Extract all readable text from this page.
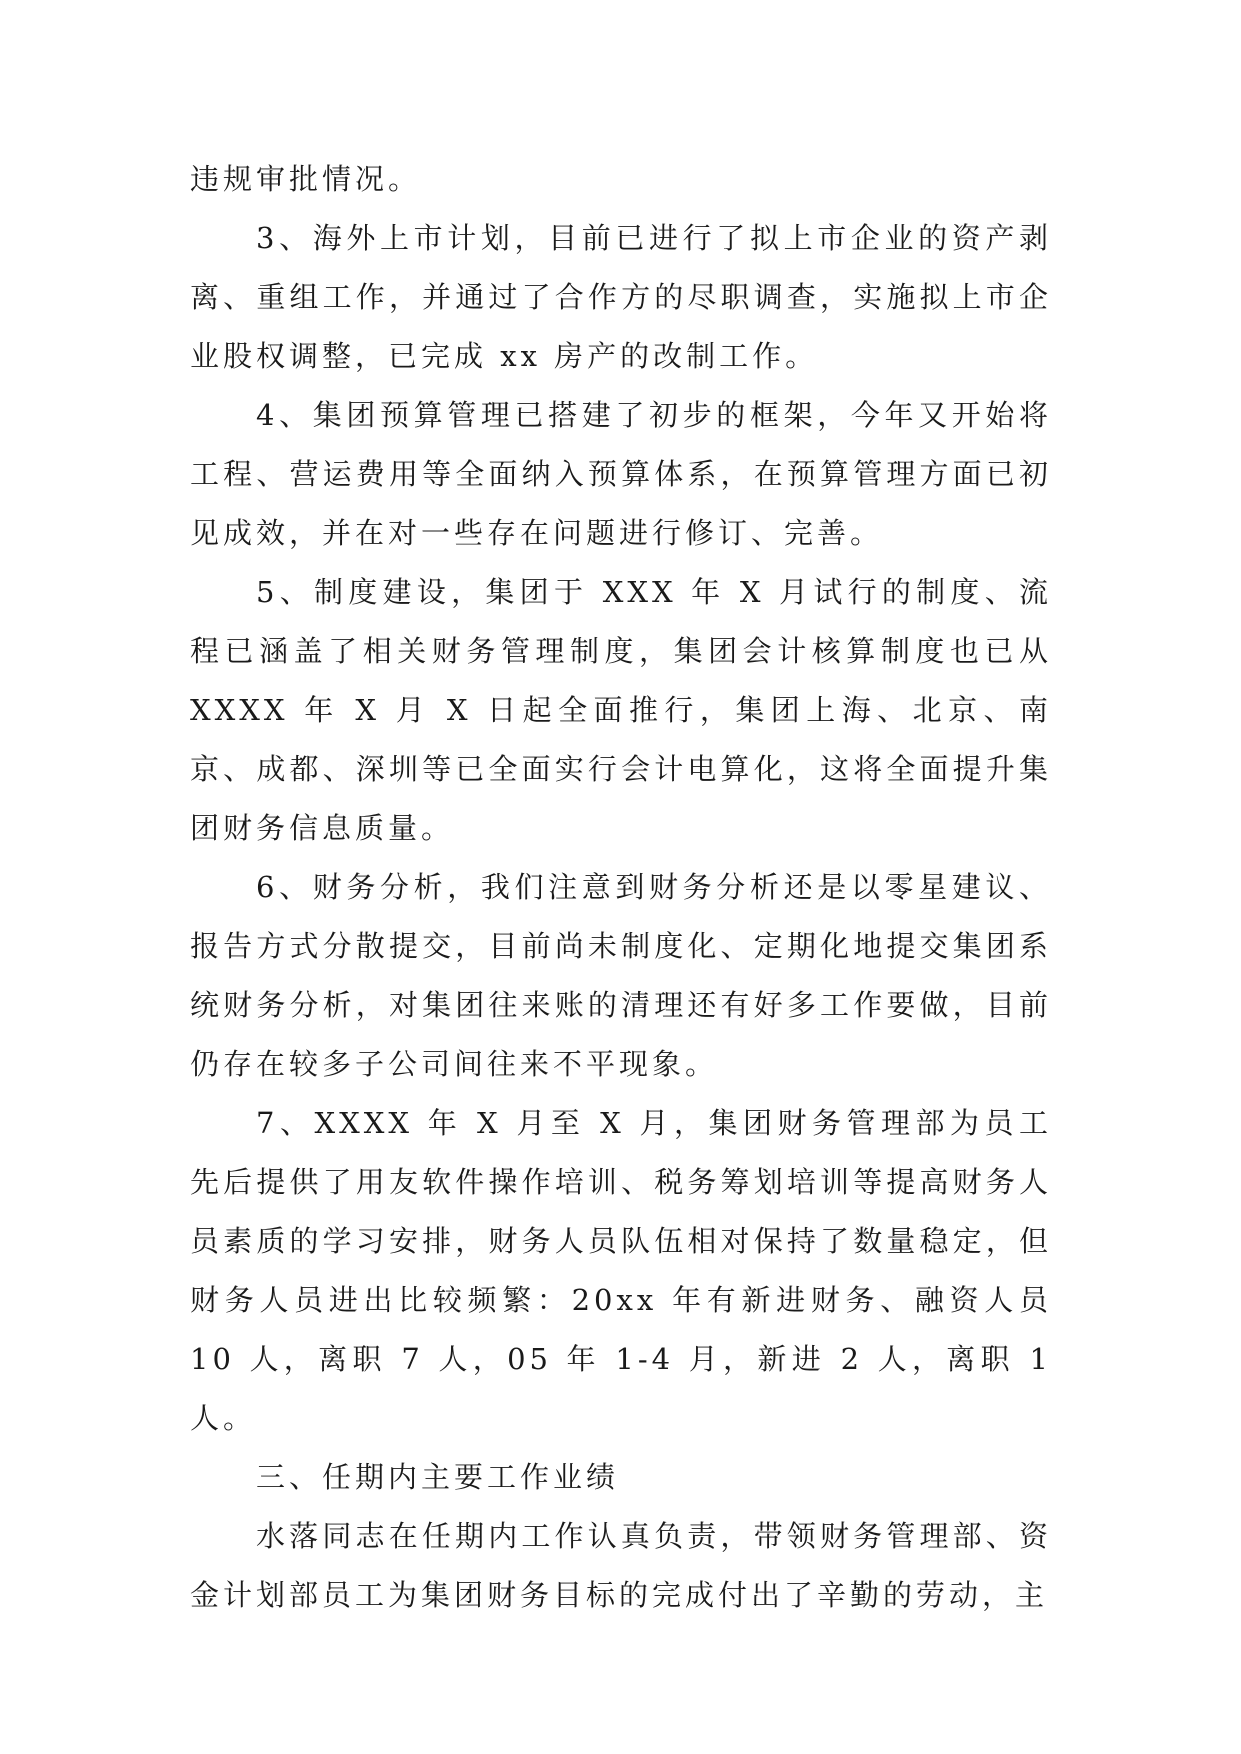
违规审批情况。

3、海外上市计划，目前已进行了拟上市企业的资产剥离、重组工作，并通过了合作方的尽职调查，实施拟上市企业股权调整，已完成 xx 房产的改制工作。

4、集团预算管理已搭建了初步的框架，今年又开始将工程、营运费用等全面纳入预算体系，在预算管理方面已初见成效，并在对一些存在问题进行修订、完善。

5、制度建设，集团于 XXX 年 X 月试行的制度、流程已涵盖了相关财务管理制度，集团会计核算制度也已从 XXXX 年 X 月 X 日起全面推行，集团上海、北京、南京、成都、深圳等已全面实行会计电算化，这将全面提升集团财务信息质量。

6、财务分析，我们注意到财务分析还是以零星建议、报告方式分散提交，目前尚未制度化、定期化地提交集团系统财务分析，对集团往来账的清理还有好多工作要做，目前仍存在较多子公司间往来不平现象。

7、XXXX 年 X 月至 X 月，集团财务管理部为员工先后提供了用友软件操作培训、税务筹划培训等提高财务人员素质的学习安排，财务人员队伍相对保持了数量稳定，但财务人员进出比较频繁：20xx 年有新进财务、融资人员 10 人，离职 7 人，05 年 1-4 月，新进 2 人，离职 1 人。

三、任期内主要工作业绩

水落同志在任期内工作认真负责，带领财务管理部、资金计划部员工为集团财务目标的完成付出了辛勤的劳动，主
